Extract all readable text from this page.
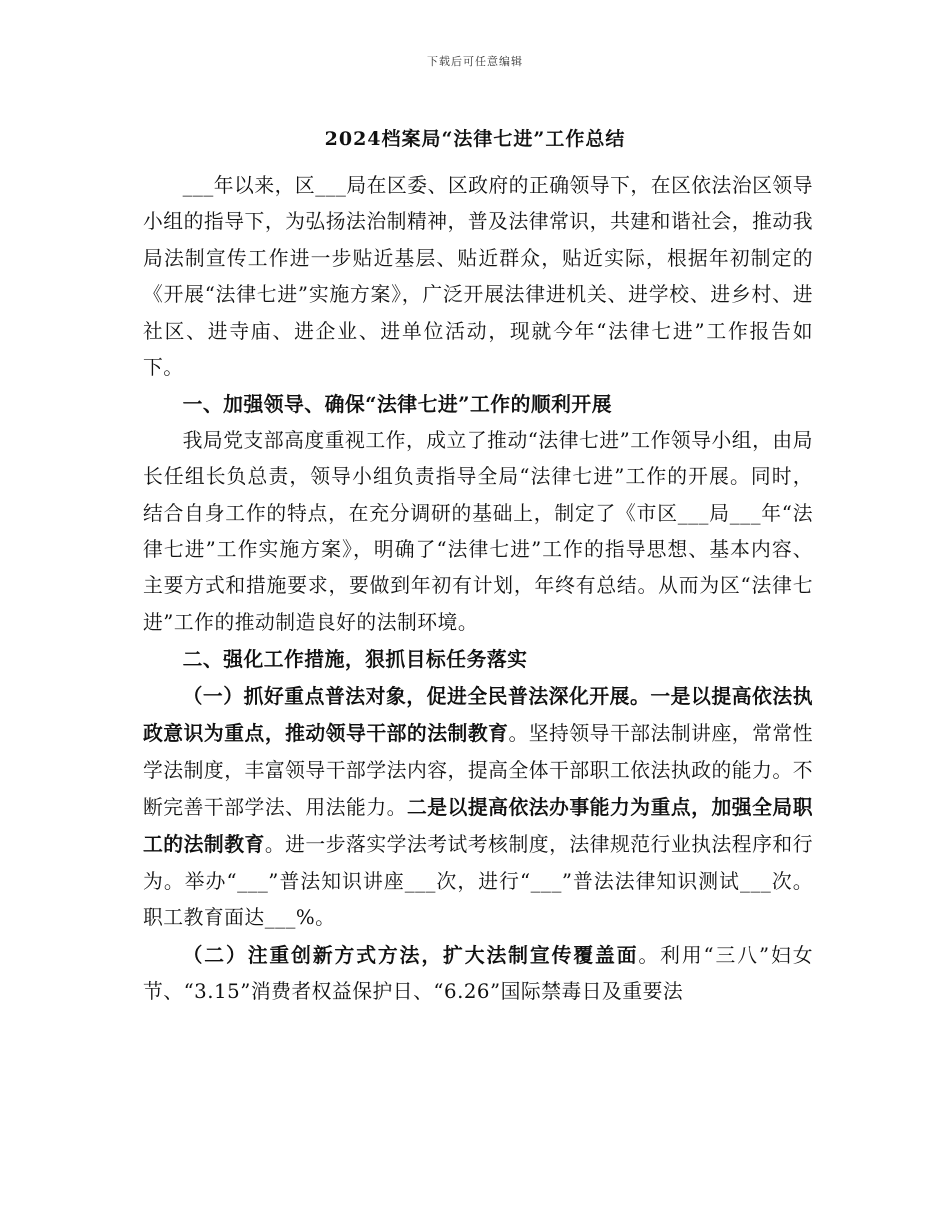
下载后可任意编辑
2024档案局“法律七进”工作总结

___年以来，区___局在区委、区政府的正确领导下，在区依法治区领导小组的指导下，为弘扬法治制精神，普及法律常识，共建和谐社会，推动我局法制宣传工作进一步贴近基层、贴近群众，贴近实际，根据年初制定的《开展“法律七进”实施方案》，广泛开展法律进机关、进学校、进乡村、进社区、进寺庙、进企业、进单位活动，现就今年“法律七进”工作报告如下。

一、加强领导、确保“法律七进”工作的顺利开展

我局党支部高度重视工作，成立了推动“法律七进”工作领导小组，由局长任组长负总责，领导小组负责指导全局“法律七进”工作的开展。同时，结合自身工作的特点，在充分调研的基础上，制定了《市区___局___年“法律七进”工作实施方案》，明确了“法律七进”工作的指导思想、基本内容、主要方式和措施要求，要做到年初有计划，年终有总结。从而为区“法律七进”工作的推动制造良好的法制环境。

二、强化工作措施，狠抓目标任务落实

（一）抓好重点普法对象，促进全民普法深化开展。一是以提高依法执政意识为重点，推动领导干部的法制教育。坚持领导干部法制讲座，常常性学法制度，丰富领导干部学法内容，提高全体干部职工依法执政的能力。不断完善干部学法、用法能力。二是以提高依法办事能力为重点，加强全局职工的法制教育。进一步落实学法考试考核制度，法律规范行业执法程序和行为。举办“___”普法知识讲座___次，进行“___”普法法律知识测试___次。职工教育面达___%。

（二）注重创新方式方法，扩大法制宣传覆盖面。利用“三八”妇女节、“3.15”消费者权益保护日、“6.26”国际禁毒日及重要法
